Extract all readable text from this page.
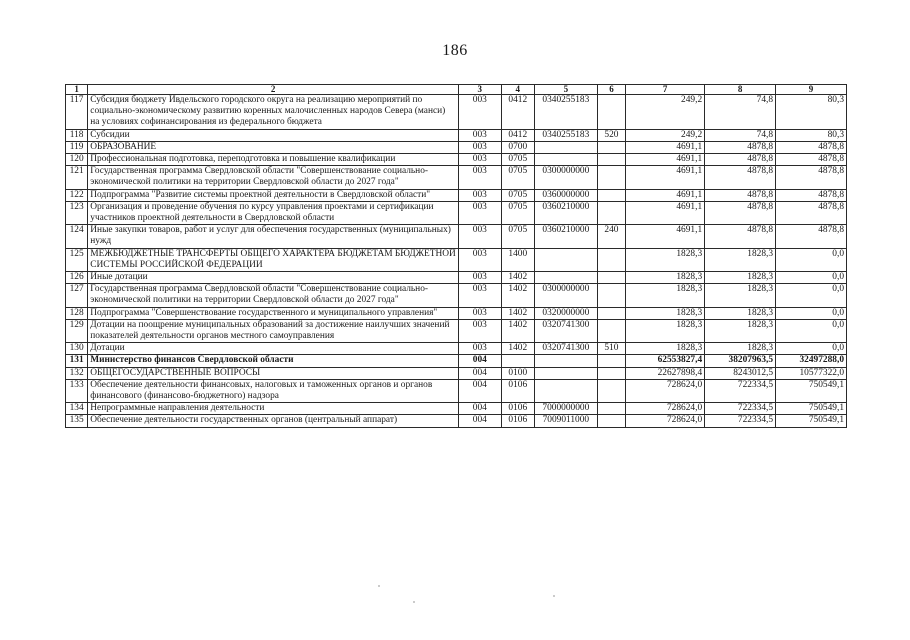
186
1	2	3	4	5	6	7	8	9
117	Субсидия бюджету Ивдельского городского округа на реализацию мероприятий по социально-экономическому развитию коренных малочисленных народов Севера (манси) на условиях софинансирования из федерального бюджета	003	0412	0340255183		249,2	74,8	80,3
118	Субсидии	003	0412	0340255183	520	249,2	74,8	80,3
119	ОБРАЗОВАНИЕ	003	0700			4691,1	4878,8	4878,8
120	Профессиональная подготовка, переподготовка и повышение квалификации	003	0705			4691,1	4878,8	4878,8
121	Государственная программа Свердловской области "Совершенствование социально-экономической политики на территории Свердловской области до 2027 года"	003	0705	0300000000		4691,1	4878,8	4878,8
122	Подпрограмма "Развитие системы проектной деятельности в Свердловской области"	003	0705	0360000000		4691,1	4878,8	4878,8
123	Организация и проведение обучения по курсу управления проектами и сертификации участников проектной деятельности в Свердловской области	003	0705	0360210000		4691,1	4878,8	4878,8
124	Иные закупки товаров, работ и услуг для обеспечения государственных (муниципальных) нужд	003	0705	0360210000	240	4691,1	4878,8	4878,8
125	МЕЖБЮДЖЕТНЫЕ ТРАНСФЕРТЫ ОБЩЕГО ХАРАКТЕРА БЮДЖЕТАМ БЮДЖЕТНОЙ СИСТЕМЫ РОССИЙСКОЙ ФЕДЕРАЦИИ	003	1400			1828,3	1828,3	0,0
126	Иные дотации	003	1402			1828,3	1828,3	0,0
127	Государственная программа Свердловской области "Совершенствование социально-экономической политики на территории Свердловской области до 2027 года"	003	1402	0300000000		1828,3	1828,3	0,0
128	Подпрограмма "Совершенствование государственного и муниципального управления"	003	1402	0320000000		1828,3	1828,3	0,0
129	Дотации на поощрение муниципальных образований за достижение наилучших значений показателей деятельности органов местного самоуправления	003	1402	0320741300		1828,3	1828,3	0,0
130	Дотации	003	1402	0320741300	510	1828,3	1828,3	0,0
131	Министерство финансов Свердловской области	004				62553827,4	38207963,5	32497288,0
132	ОБЩЕГОСУДАРСТВЕННЫЕ ВОПРОСЫ	004	0100			22627898,4	8243012,5	10577322,0
133	Обеспечение деятельности финансовых, налоговых и таможенных органов и органов финансового (финансово-бюджетного) надзора	004	0106			728624,0	722334,5	750549,1
134	Непрограммные направления деятельности	004	0106	7000000000		728624,0	722334,5	750549,1
135	Обеспечение деятельности государственных органов (центральный аппарат)	004	0106	7009011000		728624,0	722334,5	750549,1
